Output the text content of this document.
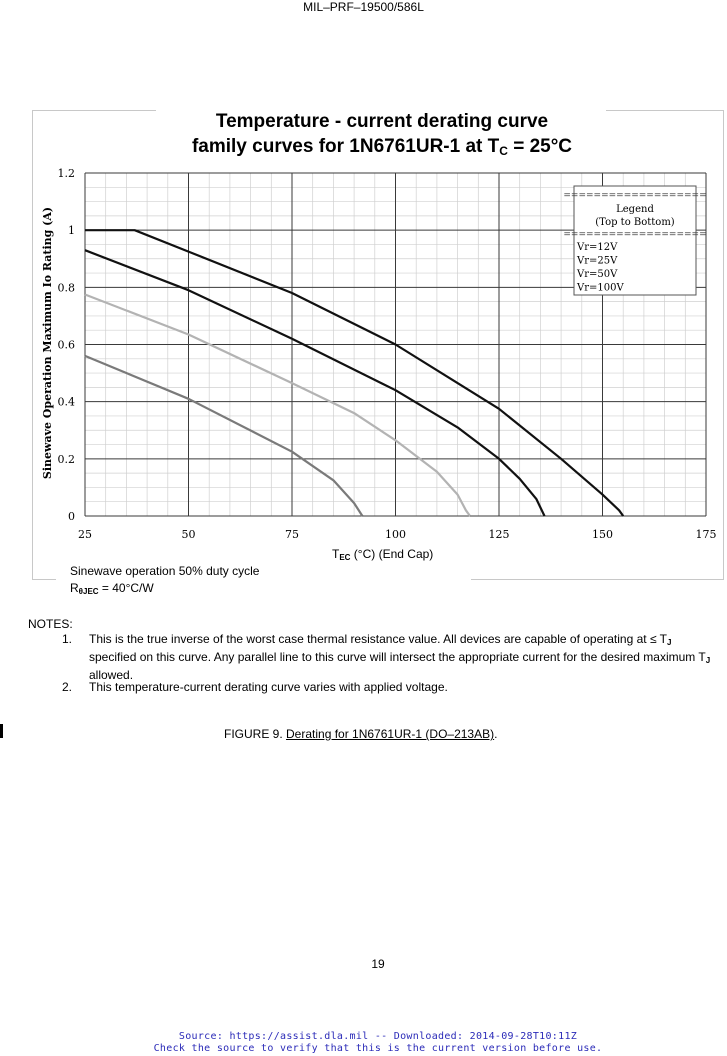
MIL–PRF–19500/586L
Temperature - current derating curve
family curves for 1N6761UR-1 at $T_C = 25^\circ C$
25	50	75	100	125	150	175
0
0.2
0.4
0.6
0.8
1
1.2
Sinewave Operation Maximum Io Rating (A)
===================
Legend
(Top to Bottom)
===================
Vr=12V
Vr=25V
Vr=50V
Vr=100V
$T_{EC}$ (°C) (End Cap)
Sinewave operation 50% duty cycle
$R_{\theta JEC} = 40^\circ C/W$
NOTES:
1. This is the true inverse of the worst case thermal resistance value. All devices are capable of operating at ≤ $T_J$ specified on this curve. Any parallel line to this curve will intersect the appropriate current for the desired maximum $T_J$ allowed.
2. This temperature-current derating curve varies with applied voltage.
FIGURE 9. Derating for 1N6761UR-1 (DO–213AB).
19
Source: https://assist.dla.mil -- Downloaded: 2014-09-28T10:11Z
Check the source to verify that this is the current version before use.
